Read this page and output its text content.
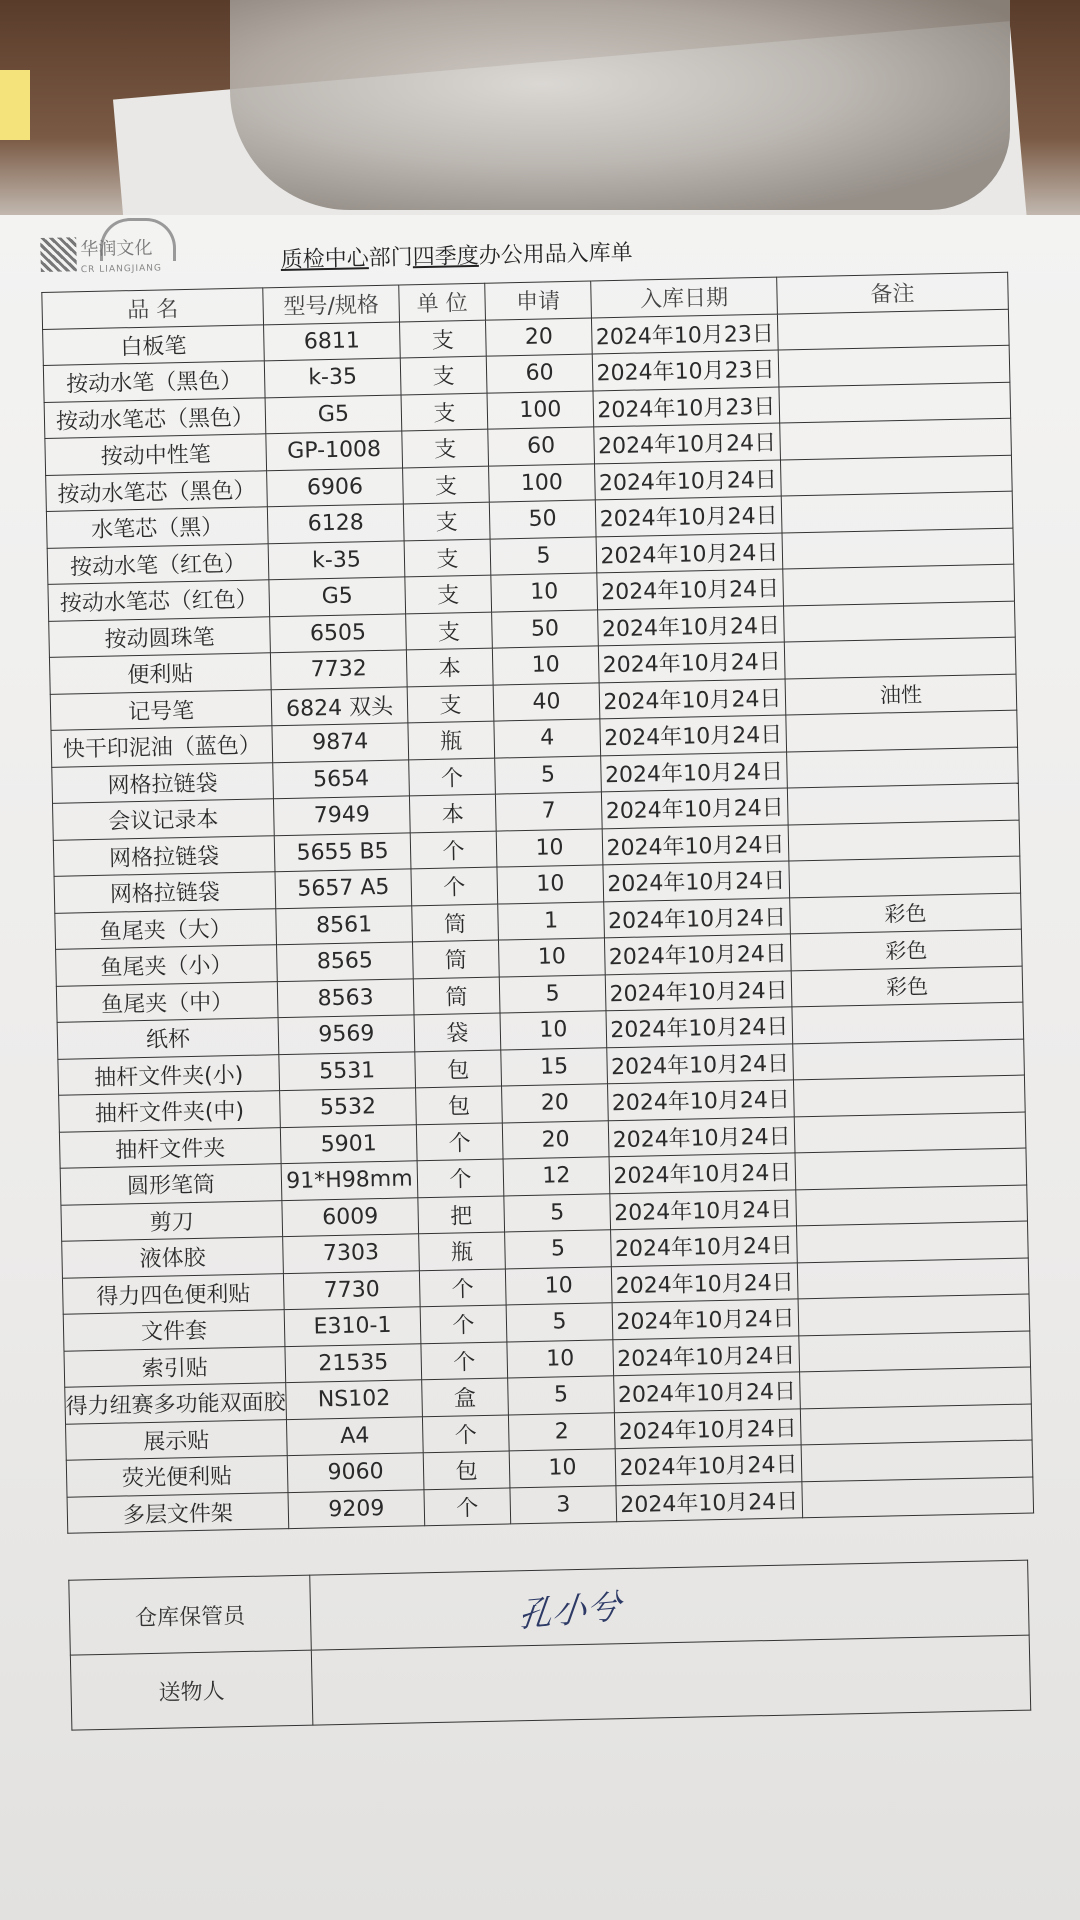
华润文化
CR LIANGJIANG	质检中心部门四季度办公用品入库单
品 名	型号/规格	单 位	申请	入库日期	备注
白板笔	6811	支	20	2024年10月23日	
按动水笔（黑色）	k-35	支	60	2024年10月23日	
按动水笔芯（黑色）	G5	支	100	2024年10月23日	
按动中性笔	GP-1008	支	60	2024年10月24日	
按动水笔芯（黑色）	6906	支	100	2024年10月24日	
水笔芯（黑）	6128	支	50	2024年10月24日	
按动水笔（红色）	k-35	支	5	2024年10月24日	
按动水笔芯（红色）	G5	支	10	2024年10月24日	
按动圆珠笔	6505	支	50	2024年10月24日	
便利贴	7732	本	10	2024年10月24日	
记号笔	6824 双头	支	40	2024年10月24日	油性
快干印泥油（蓝色）	9874	瓶	4	2024年10月24日	
网格拉链袋	5654	个	5	2024年10月24日	
会议记录本	7949	本	7	2024年10月24日	
网格拉链袋	5655 B5	个	10	2024年10月24日	
网格拉链袋	5657 A5	个	10	2024年10月24日	
鱼尾夹（大）	8561	筒	1	2024年10月24日	彩色
鱼尾夹（小）	8565	筒	10	2024年10月24日	彩色
鱼尾夹（中）	8563	筒	5	2024年10月24日	彩色
纸杯	9569	袋	10	2024年10月24日	
抽杆文件夹(小)	5531	包	15	2024年10月24日	
抽杆文件夹(中)	5532	包	20	2024年10月24日	
抽杆文件夹	5901	个	20	2024年10月24日	
圆形笔筒	91*H98mm	个	12	2024年10月24日	
剪刀	6009	把	5	2024年10月24日	
液体胶	7303	瓶	5	2024年10月24日	
得力四色便利贴	7730	个	10	2024年10月24日	
文件套	E310-1	个	5	2024年10月24日	
索引贴	21535	个	10	2024年10月24日	
得力纽赛多功能双面胶	NS102	盒	5	2024年10月24日	
展示贴	A4	个	2	2024年10月24日	
荧光便利贴	9060	包	10	2024年10月24日	
多层文件架	9209	个	3	2024年10月24日	
仓库保管员	孔小兮
送物人	
